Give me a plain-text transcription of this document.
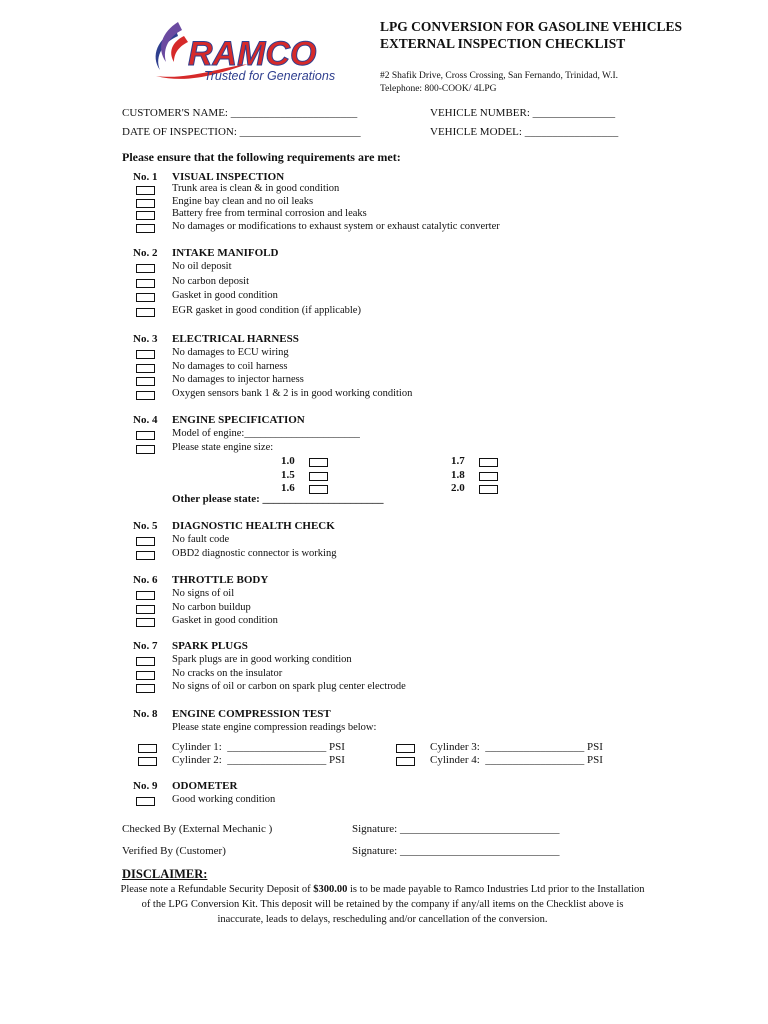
RAMCO
Trusted for Generations
LPG CONVERSION FOR GASOLINE VEHICLES EXTERNAL INSPECTION CHECKLIST
#2 Shafik Drive, Cross Crossing, San Fernando, Trinidad, W.I.
Telephone: 800-COOK/ 4LPG
CUSTOMER'S NAME: _______________________	VEHICLE NUMBER: _______________
DATE OF INSPECTION: ______________________	VEHICLE MODEL: _________________
Please ensure that the following requirements are met:
No. 1 VISUAL INSPECTION
Trunk area is clean & in good condition
Engine bay clean and no oil leaks
Battery free from terminal corrosion and leaks
No damages or modifications to exhaust system or exhaust catalytic converter
No. 2 INTAKE MANIFOLD
No oil deposit
No carbon deposit
Gasket in good condition
EGR gasket in good condition (if applicable)
No. 3 ELECTRICAL HARNESS
No damages to ECU wiring
No damages to coil harness
No damages to injector harness
Oxygen sensors bank 1 & 2 is in good working condition
No. 4 ENGINE SPECIFICATION
Model of engine:______________________
Please state engine size:
No. 5 DIAGNOSTIC HEALTH CHECK
No fault code
OBD2 diagnostic connector is working
No. 6 THROTTLE BODY
No signs of oil
No carbon buildup
Gasket in good condition
No. 7 SPARK PLUGS
Spark plugs are in good working condition
No cracks on the insulator
No signs of oil or carbon on spark plug center electrode
No. 8 ENGINE COMPRESSION TEST
Please state engine compression readings below:
No. 9 ODOMETER
Good working condition
1.0
1.5
1.6
1.7
1.8
2.0
Other please state: ______________________
Cylinder 1:  __________________ PSI
Cylinder 2:  __________________ PSI
Cylinder 3:  __________________ PSI
Cylinder 4:  __________________ PSI
Checked By (External Mechanic )	Signature: _____________________________
Verified By (Customer)	Signature: _____________________________
DISCLAIMER:
Please note a Refundable Security Deposit of $300.00 is to be made payable to Ramco Industries Ltd prior to the Installation of the LPG Conversion Kit. This deposit will be retained by the company if any/all items on the Checklist above is inaccurate, leads to delays, rescheduling and/or cancellation of the conversion.
